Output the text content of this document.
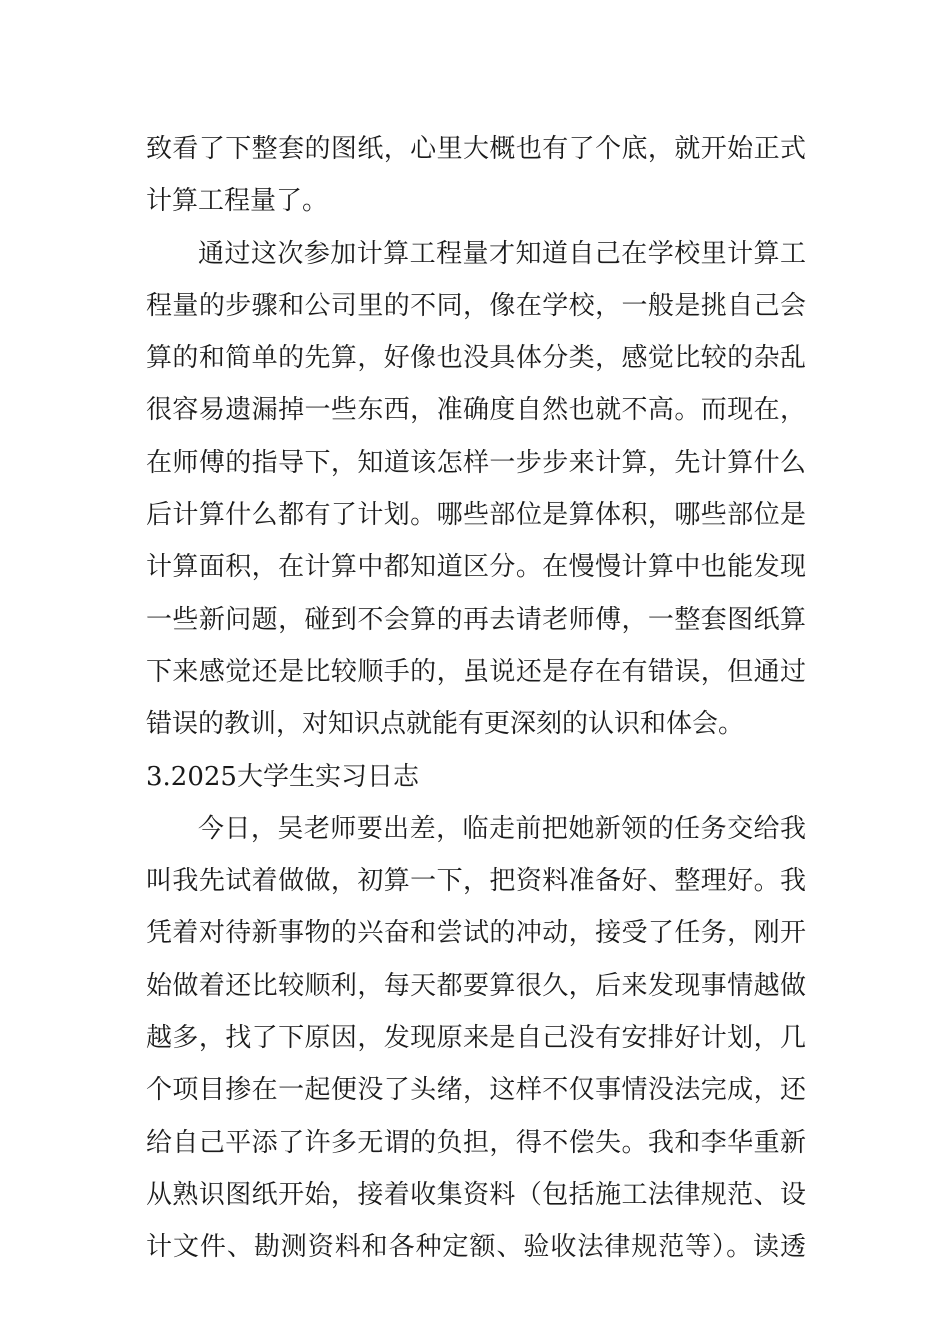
致看了下整套的图纸，心里大概也有了个底，就开始正式
计算工程量了。
通过这次参加计算工程量才知道自己在学校里计算工
程量的步骤和公司里的不同，像在学校，一般是挑自己会
算的和简单的先算，好像也没具体分类，感觉比较的杂乱
很容易遗漏掉一些东西，准确度自然也就不高。而现在，
在师傅的指导下，知道该怎样一步步来计算，先计算什么
后计算什么都有了计划。哪些部位是算体积，哪些部位是
计算面积，在计算中都知道区分。在慢慢计算中也能发现
一些新问题，碰到不会算的再去请老师傅，一整套图纸算
下来感觉还是比较顺手的，虽说还是存在有错误，但通过
错误的教训，对知识点就能有更深刻的认识和体会。
3.2025大学生实习日志
今日，吴老师要出差，临走前把她新领的任务交给我
叫我先试着做做，初算一下，把资料准备好、整理好。我
凭着对待新事物的兴奋和尝试的冲动，接受了任务，刚开
始做着还比较顺利，每天都要算很久，后来发现事情越做
越多，找了下原因，发现原来是自己没有安排好计划，几
个项目掺在一起便没了头绪，这样不仅事情没法完成，还
给自己平添了许多无谓的负担，得不偿失。我和李华重新
从熟识图纸开始，接着收集资料（包括施工法律规范、设
计文件、勘测资料和各种定额、验收法律规范等）。读透
